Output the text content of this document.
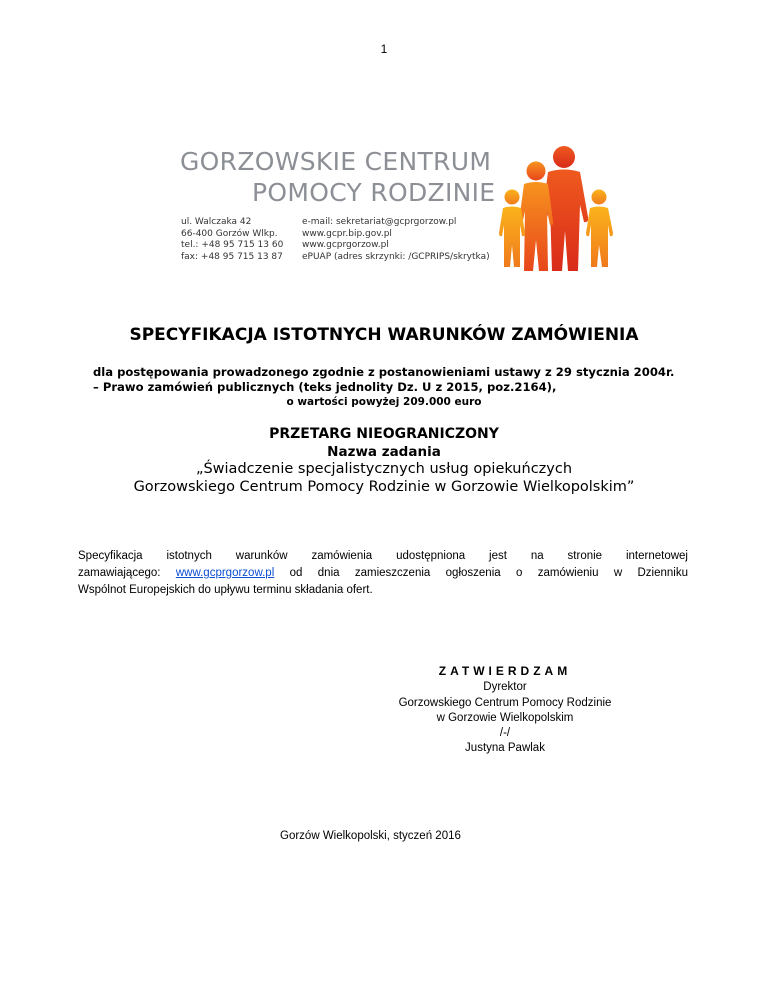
1
GORZOWSKIE CENTRUM
POMOCY RODZINIE
ul. Walczaka 42
66-400 Gorzów Wlkp.
tel.: +48 95 715 13 60
fax: +48 95 715 13 87
e-mail: sekretariat@gcprgorzow.pl
www.gcpr.bip.gov.pl
www.gcprgorzow.pl
ePUAP (adres skrzynki: /GCPRIPS/skrytka)
SPECYFIKACJA ISTOTNYCH WARUNKÓW ZAMÓWIENIA
dla postępowania prowadzonego zgodnie z postanowieniami ustawy z 29 stycznia 2004r.
– Prawo zamówień publicznych (teks jednolity Dz. U z 2015, poz.2164),
o wartości powyżej 209.000 euro
PRZETARG NIEOGRANICZONY
Nazwa zadania
„Świadczenie specjalistycznych usług opiekuńczych
Gorzowskiego Centrum Pomocy Rodzinie w Gorzowie Wielkopolskim”
Specyfikacja istotnych warunków zamówienia udostępniona jest na stronie internetowej
zamawiającego: www.gcprgorzow.pl od dnia zamieszczenia ogłoszenia o zamówieniu w Dzienniku
Wspólnot Europejskich do upływu terminu składania ofert.
ZATWIERDZAM
Dyrektor
Gorzowskiego Centrum Pomocy Rodzinie
w Gorzowie Wielkopolskim
/-/
Justyna Pawlak
Gorzów Wielkopolski, styczeń 2016
